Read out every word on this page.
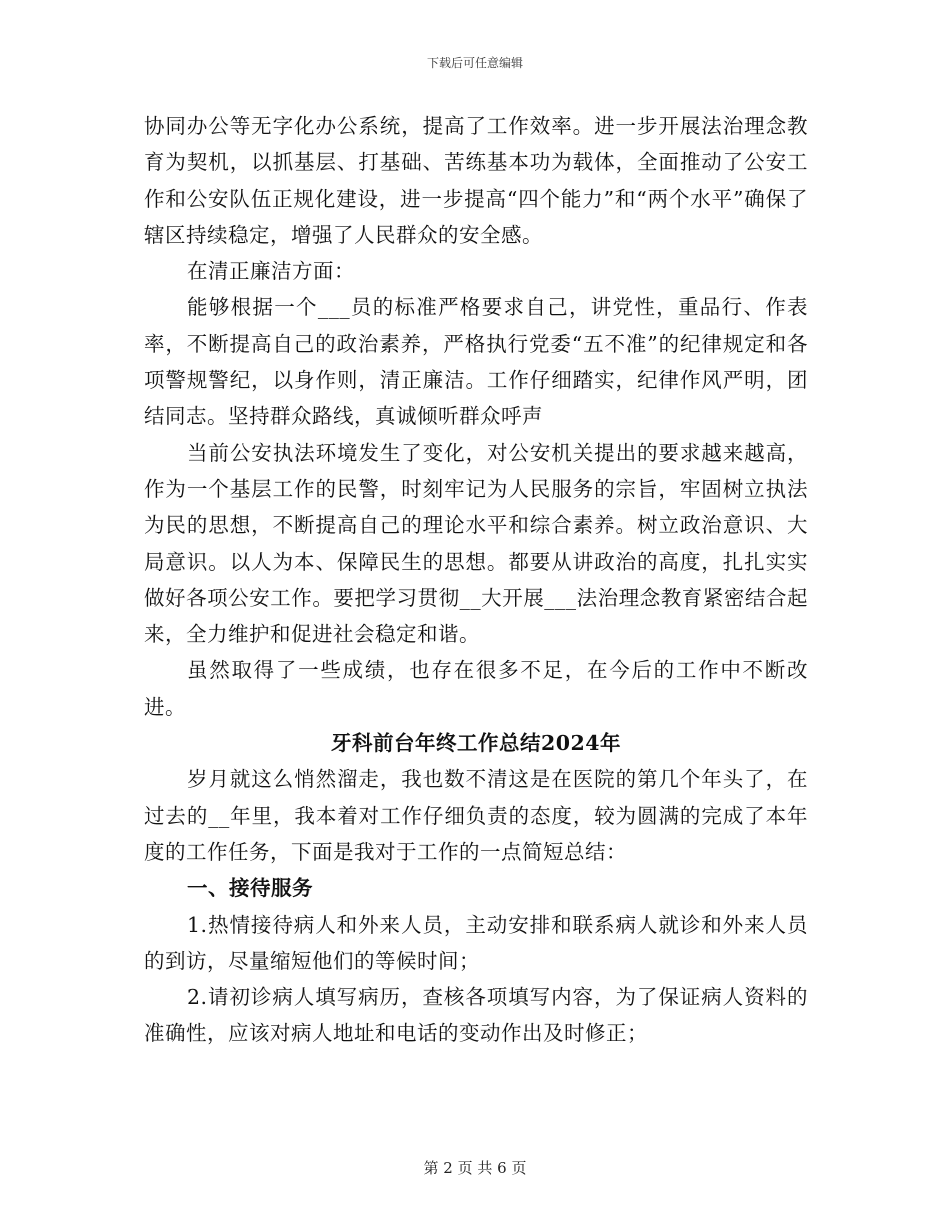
下载后可任意编辑

协同办公等无字化办公系统，提高了工作效率。进一步开展法治理念教育为契机，以抓基层、打基础、苦练基本功为载体，全面推动了公安工作和公安队伍正规化建设，进一步提高“四个能力”和“两个水平”确保了辖区持续稳定，增强了人民群众的安全感。

在清正廉洁方面：

能够根据一个___员的标准严格要求自己，讲党性，重品行、作表率，不断提高自己的政治素养，严格执行党委“五不准”的纪律规定和各项警规警纪，以身作则，清正廉洁。工作仔细踏实，纪律作风严明，团结同志。坚持群众路线，真诚倾听群众呼声

当前公安执法环境发生了变化，对公安机关提出的要求越来越高，作为一个基层工作的民警，时刻牢记为人民服务的宗旨，牢固树立执法为民的思想，不断提高自己的理论水平和综合素养。树立政治意识、大局意识。以人为本、保障民生的思想。都要从讲政治的高度，扎扎实实做好各项公安工作。要把学习贯彻__大开展___法治理念教育紧密结合起来，全力维护和促进社会稳定和谐。

虽然取得了一些成绩，也存在很多不足，在今后的工作中不断改进。

牙科前台年终工作总结2024年

岁月就这么悄然溜走，我也数不清这是在医院的第几个年头了，在过去的__年里，我本着对工作仔细负责的态度，较为圆满的完成了本年度的工作任务，下面是我对于工作的一点简短总结：

一、接待服务

1.热情接待病人和外来人员，主动安排和联系病人就诊和外来人员的到访，尽量缩短他们的等候时间；

2.请初诊病人填写病历，查核各项填写内容，为了保证病人资料的准确性，应该对病人地址和电话的变动作出及时修正；

第 2 页 共 6 页
